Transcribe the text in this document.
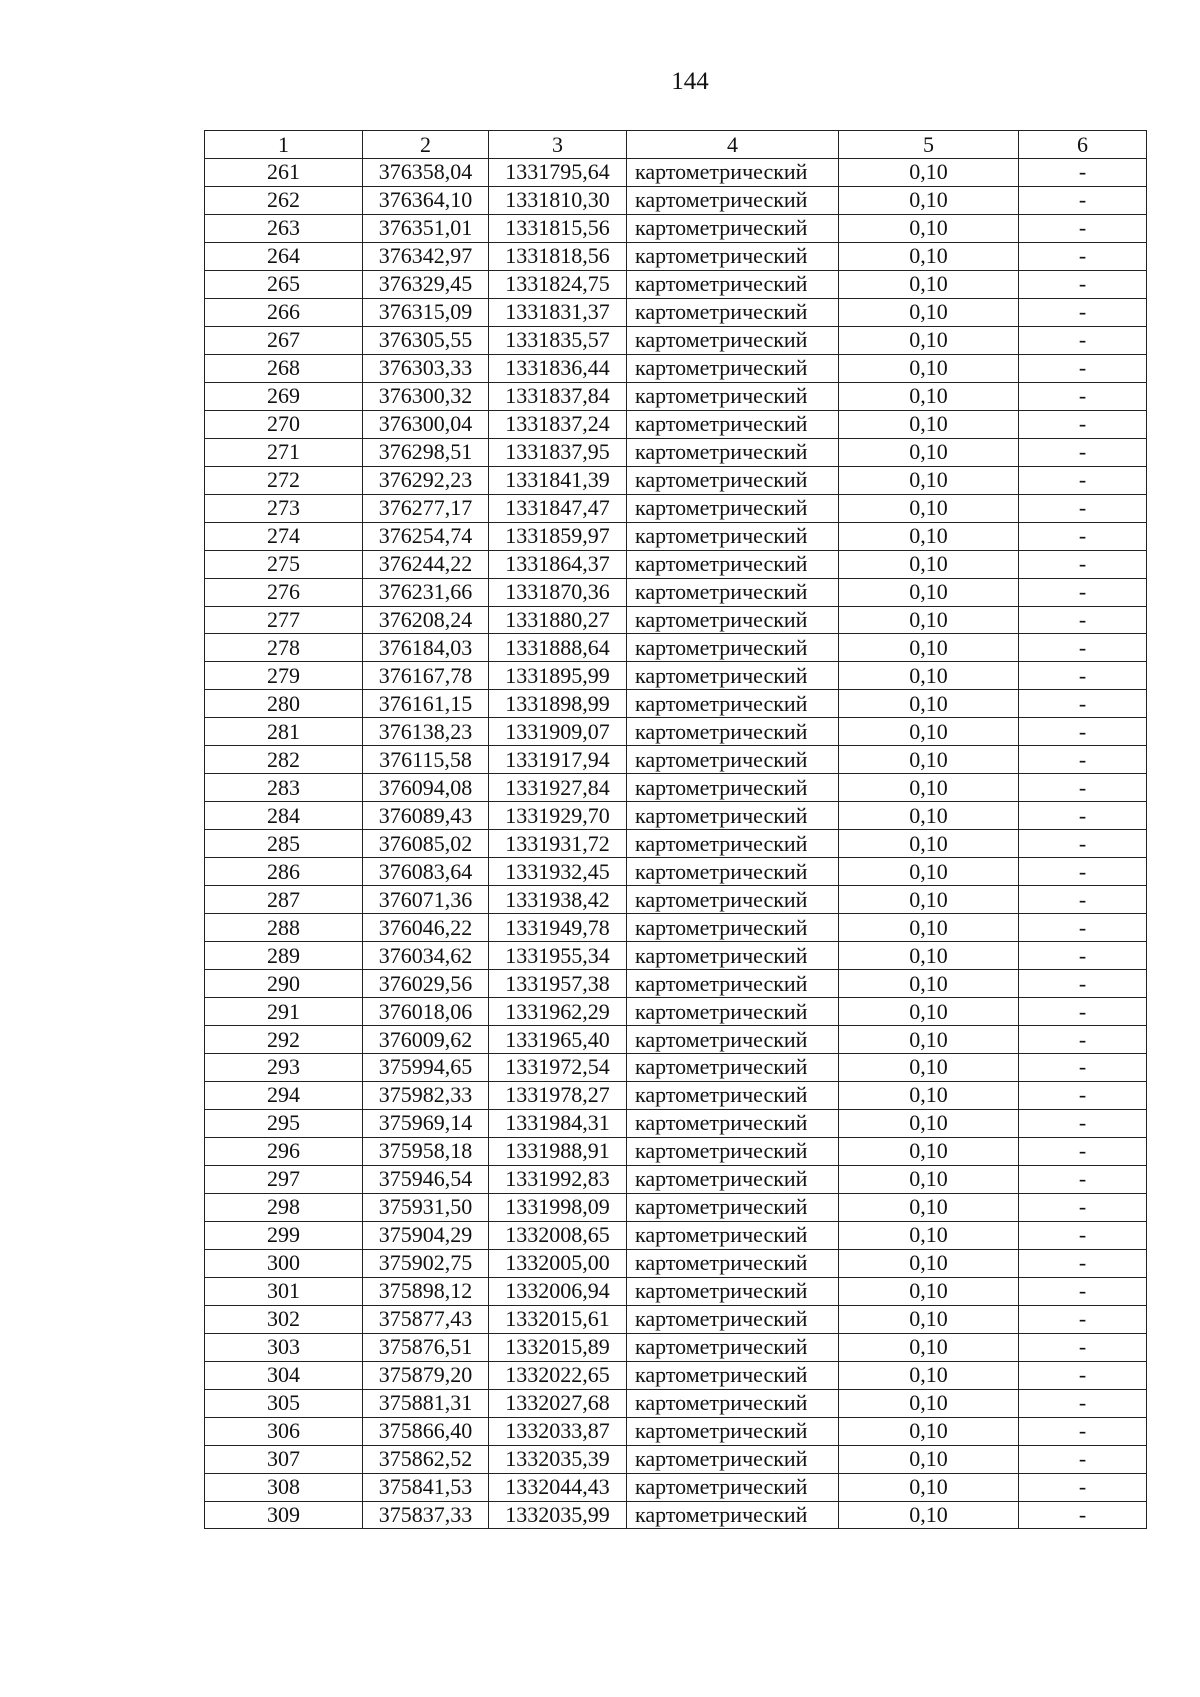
144
1	2	3	4	5	6
261	376358,04	1331795,64	картометрический	0,10	-
262	376364,10	1331810,30	картометрический	0,10	-
263	376351,01	1331815,56	картометрический	0,10	-
264	376342,97	1331818,56	картометрический	0,10	-
265	376329,45	1331824,75	картометрический	0,10	-
266	376315,09	1331831,37	картометрический	0,10	-
267	376305,55	1331835,57	картометрический	0,10	-
268	376303,33	1331836,44	картометрический	0,10	-
269	376300,32	1331837,84	картометрический	0,10	-
270	376300,04	1331837,24	картометрический	0,10	-
271	376298,51	1331837,95	картометрический	0,10	-
272	376292,23	1331841,39	картометрический	0,10	-
273	376277,17	1331847,47	картометрический	0,10	-
274	376254,74	1331859,97	картометрический	0,10	-
275	376244,22	1331864,37	картометрический	0,10	-
276	376231,66	1331870,36	картометрический	0,10	-
277	376208,24	1331880,27	картометрический	0,10	-
278	376184,03	1331888,64	картометрический	0,10	-
279	376167,78	1331895,99	картометрический	0,10	-
280	376161,15	1331898,99	картометрический	0,10	-
281	376138,23	1331909,07	картометрический	0,10	-
282	376115,58	1331917,94	картометрический	0,10	-
283	376094,08	1331927,84	картометрический	0,10	-
284	376089,43	1331929,70	картометрический	0,10	-
285	376085,02	1331931,72	картометрический	0,10	-
286	376083,64	1331932,45	картометрический	0,10	-
287	376071,36	1331938,42	картометрический	0,10	-
288	376046,22	1331949,78	картометрический	0,10	-
289	376034,62	1331955,34	картометрический	0,10	-
290	376029,56	1331957,38	картометрический	0,10	-
291	376018,06	1331962,29	картометрический	0,10	-
292	376009,62	1331965,40	картометрический	0,10	-
293	375994,65	1331972,54	картометрический	0,10	-
294	375982,33	1331978,27	картометрический	0,10	-
295	375969,14	1331984,31	картометрический	0,10	-
296	375958,18	1331988,91	картометрический	0,10	-
297	375946,54	1331992,83	картометрический	0,10	-
298	375931,50	1331998,09	картометрический	0,10	-
299	375904,29	1332008,65	картометрический	0,10	-
300	375902,75	1332005,00	картометрический	0,10	-
301	375898,12	1332006,94	картометрический	0,10	-
302	375877,43	1332015,61	картометрический	0,10	-
303	375876,51	1332015,89	картометрический	0,10	-
304	375879,20	1332022,65	картометрический	0,10	-
305	375881,31	1332027,68	картометрический	0,10	-
306	375866,40	1332033,87	картометрический	0,10	-
307	375862,52	1332035,39	картометрический	0,10	-
308	375841,53	1332044,43	картометрический	0,10	-
309	375837,33	1332035,99	картометрический	0,10	-
